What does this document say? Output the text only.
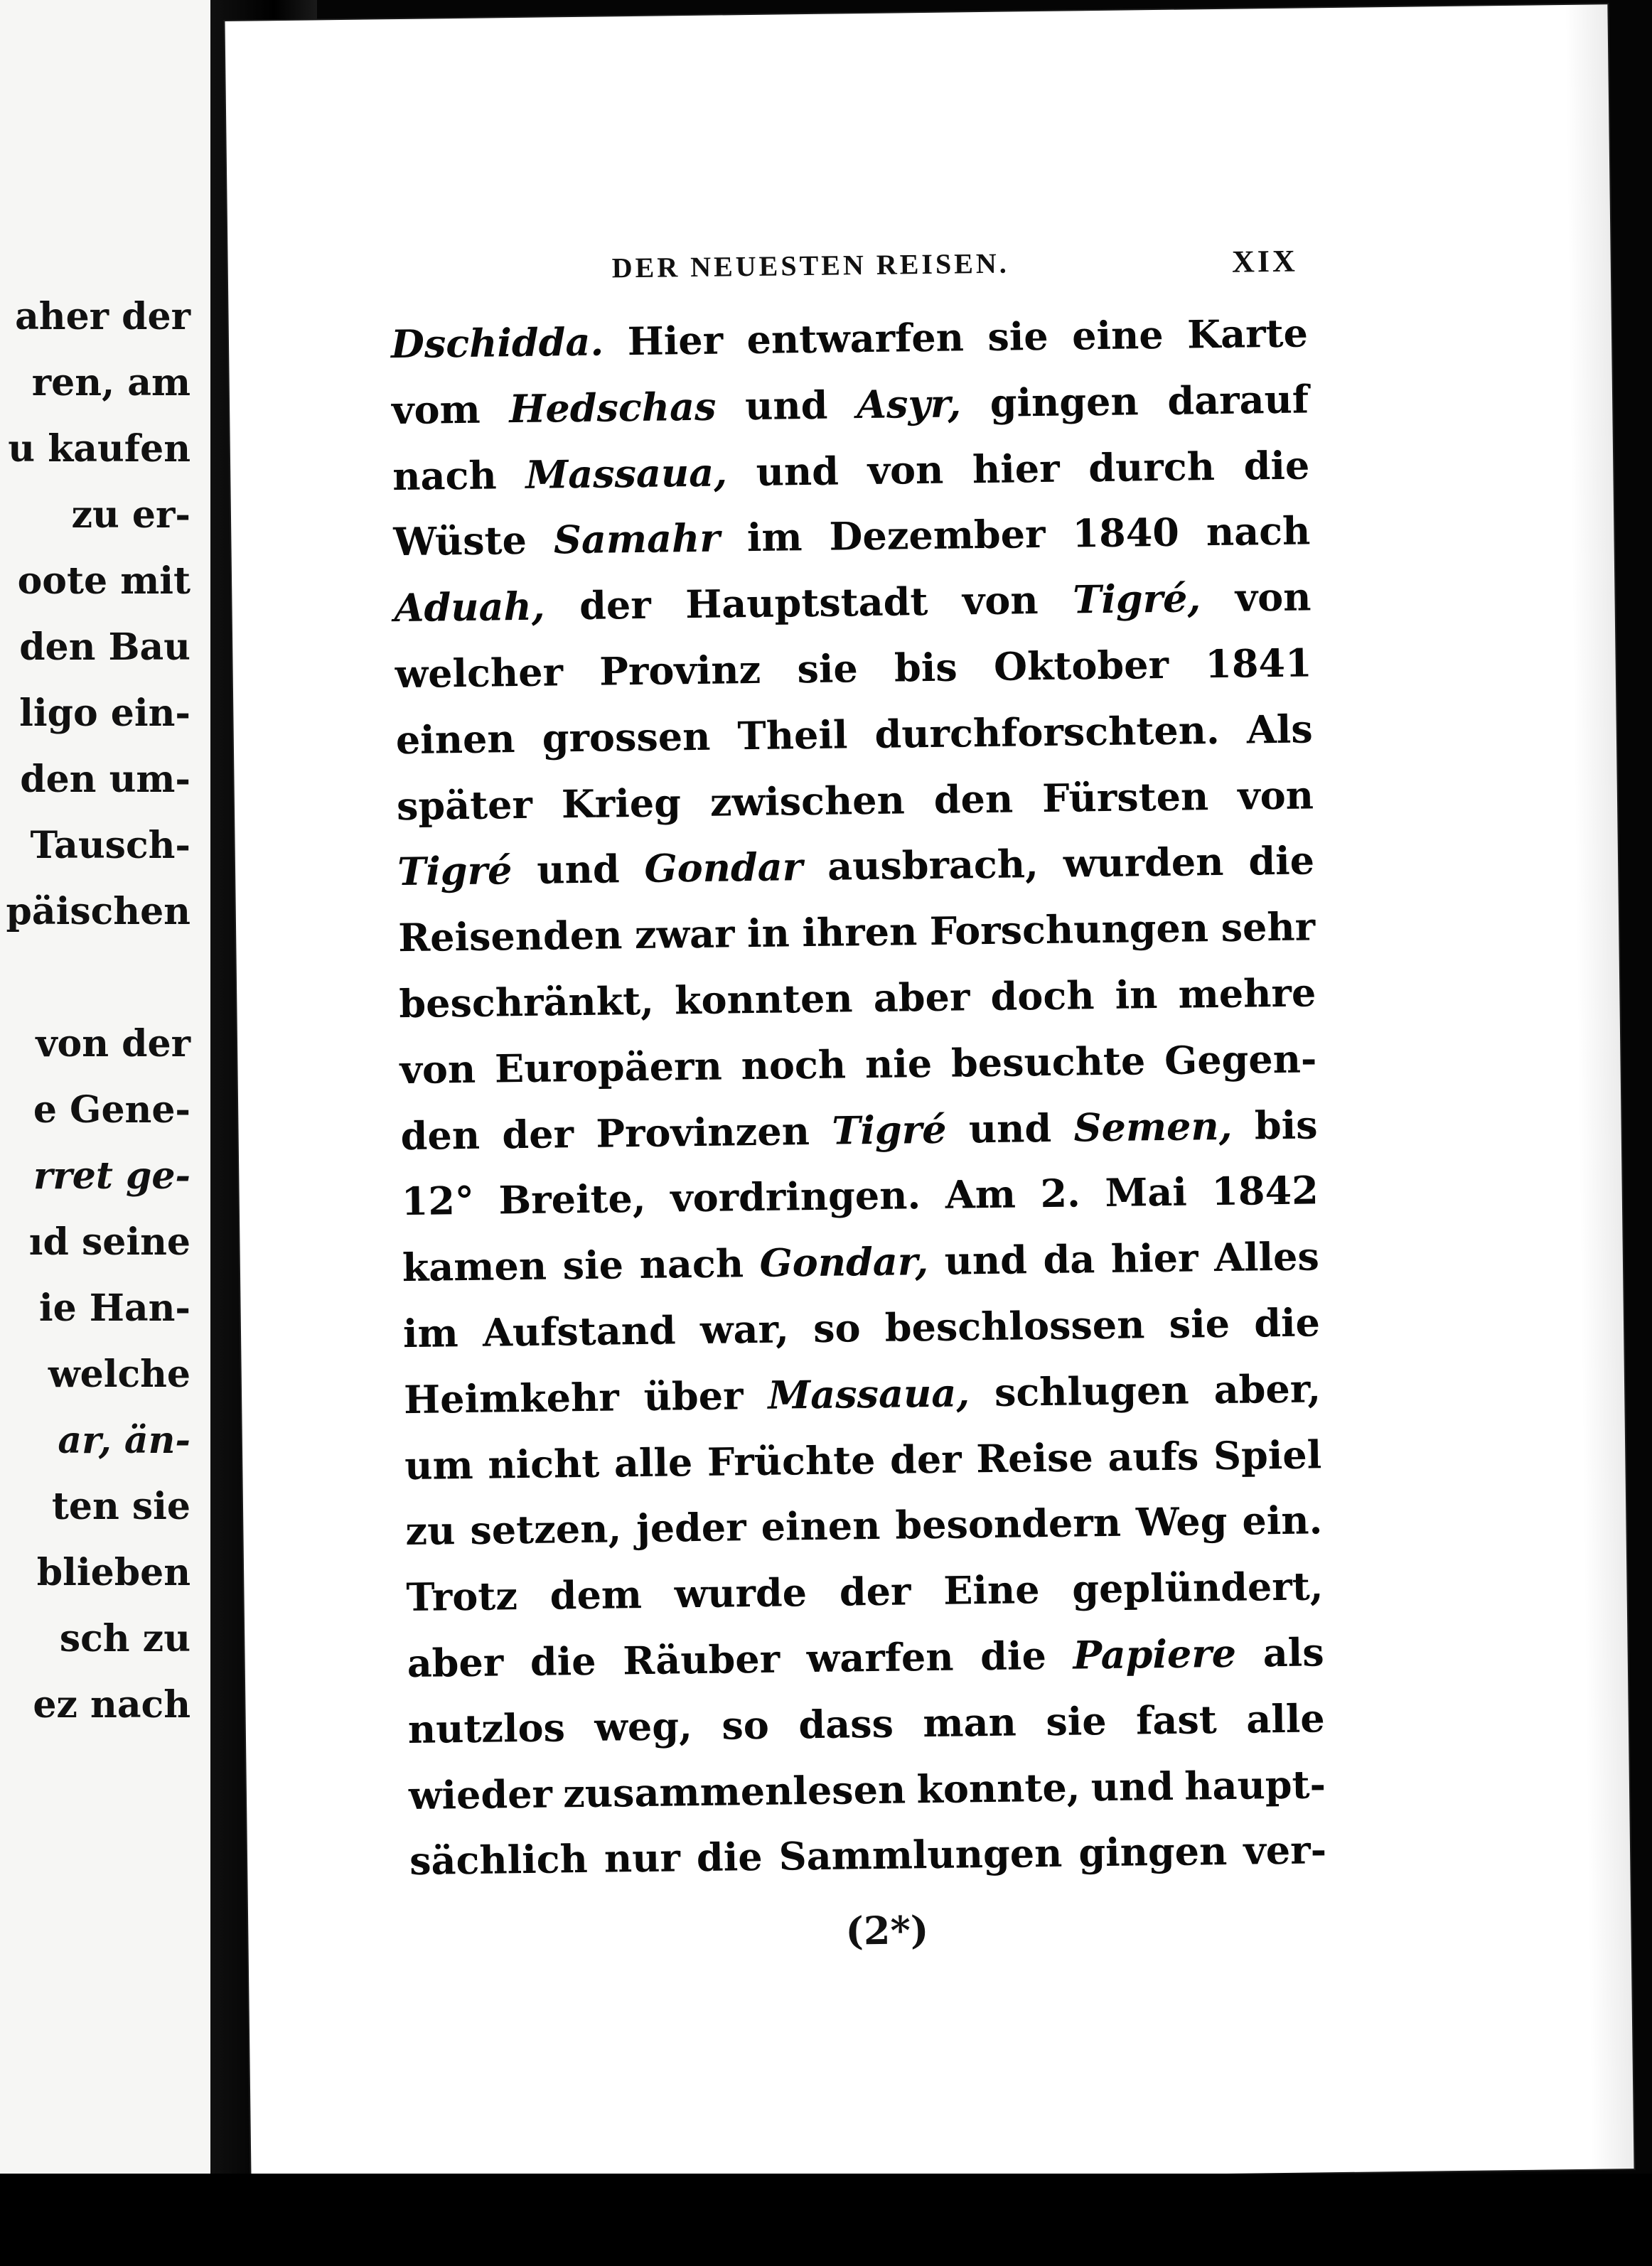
aher der
ren, am
u kaufen
zu er-
oote mit
den Bau
ligo ein-
den um-
Tausch-
päischen
von der
e Gene-
rret ge-
ıd seine
ie Han-
welche
ar, än-
ten sie
blieben
sch zu
ez nach
DER NEUESTEN REISEN.	XIX
Dschidda. Hier entwarfen sie eine Karte
vom Hedschas und Asyr, gingen darauf
nach Massaua, und von hier durch die
Wüste Samahr im Dezember 1840 nach
Aduah, der Hauptstadt von Tigré, von
welcher Provinz sie bis Oktober 1841
einen grossen Theil durchforschten. Als
später Krieg zwischen den Fürsten von
Tigré und Gondar ausbrach, wurden die
Reisenden zwar in ihren Forschungen sehr
beschränkt, konnten aber doch in mehre
von Europäern noch nie besuchte Gegen-
den der Provinzen Tigré und Semen, bis
12° Breite, vordringen. Am 2. Mai 1842
kamen sie nach Gondar, und da hier Alles
im Aufstand war, so beschlossen sie die
Heimkehr über Massaua, schlugen aber,
um nicht alle Früchte der Reise aufs Spiel
zu setzen, jeder einen besondern Weg ein.
Trotz dem wurde der Eine geplündert,
aber die Räuber warfen die Papiere als
nutzlos weg, so dass man sie fast alle
wieder zusammenlesen konnte, und haupt-
sächlich nur die Sammlungen gingen ver-
(2*)
